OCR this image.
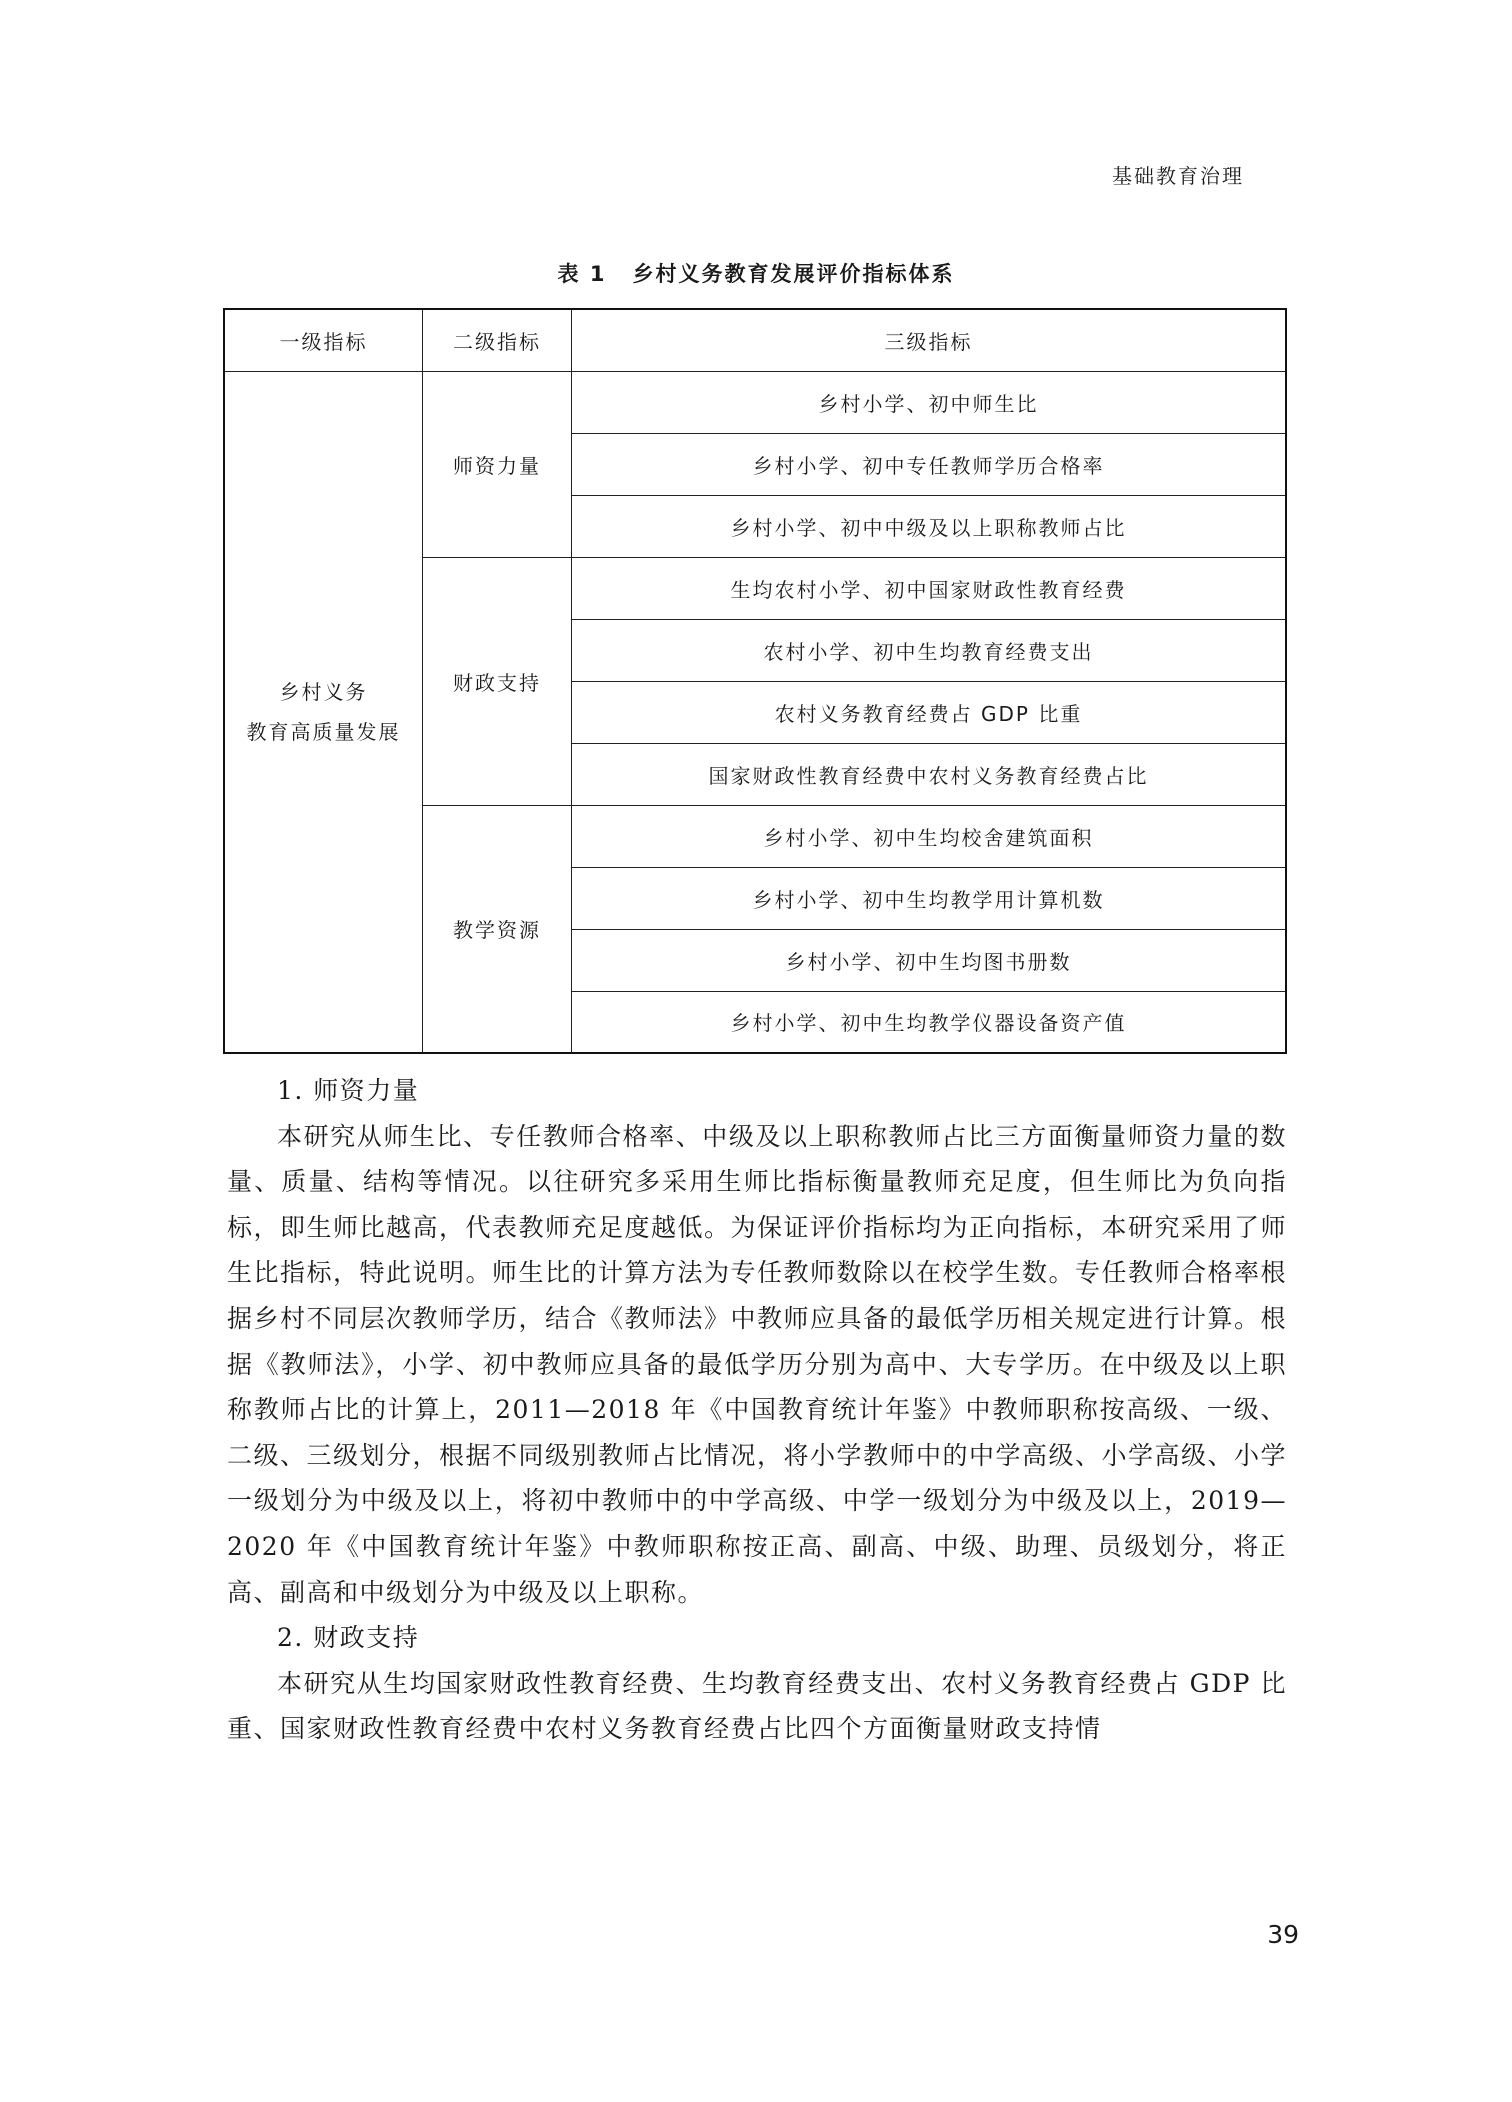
基础教育治理
表 1 乡村义务教育发展评价指标体系
一级指标	二级指标	三级指标

乡村义务
教育高质量发展	师资力量	乡村小学、初中师生比
		乡村小学、初中专任教师学历合格率
		乡村小学、初中中级及以上职称教师占比
	财政支持	生均农村小学、初中国家财政性教育经费
		农村小学、初中生均教育经费支出
		农村义务教育经费占 GDP 比重
		国家财政性教育经费中农村义务教育经费占比
	教学资源	乡村小学、初中生均校舍建筑面积
		乡村小学、初中生均教学用计算机数
		乡村小学、初中生均图书册数
		乡村小学、初中生均教学仪器设备资产值

1. 师资力量

本研究从师生比、专任教师合格率、中级及以上职称教师占比三方面衡量师资力量的数量、质量、结构等情况。以往研究多采用生师比指标衡量教师充足度，但生师比为负向指标，即生师比越高，代表教师充足度越低。为保证评价指标均为正向指标，本研究采用了师生比指标，特此说明。师生比的计算方法为专任教师数除以在校学生数。专任教师合格率根据乡村不同层次教师学历，结合《教师法》中教师应具备的最低学历相关规定进行计算。根据《教师法》，小学、初中教师应具备的最低学历分别为高中、大专学历。在中级及以上职称教师占比的计算上，2011—2018 年《中国教育统计年鉴》中教师职称按高级、一级、二级、三级划分，根据不同级别教师占比情况，将小学教师中的中学高级、小学高级、小学一级划分为中级及以上，将初中教师中的中学高级、中学一级划分为中级及以上，2019—2020 年《中国教育统计年鉴》中教师职称按正高、副高、中级、助理、员级划分，将正高、副高和中级划分为中级及以上职称。

2. 财政支持

本研究从生均国家财政性教育经费、生均教育经费支出、农村义务教育经费占 GDP 比重、国家财政性教育经费中农村义务教育经费占比四个方面衡量财政支持情

39
